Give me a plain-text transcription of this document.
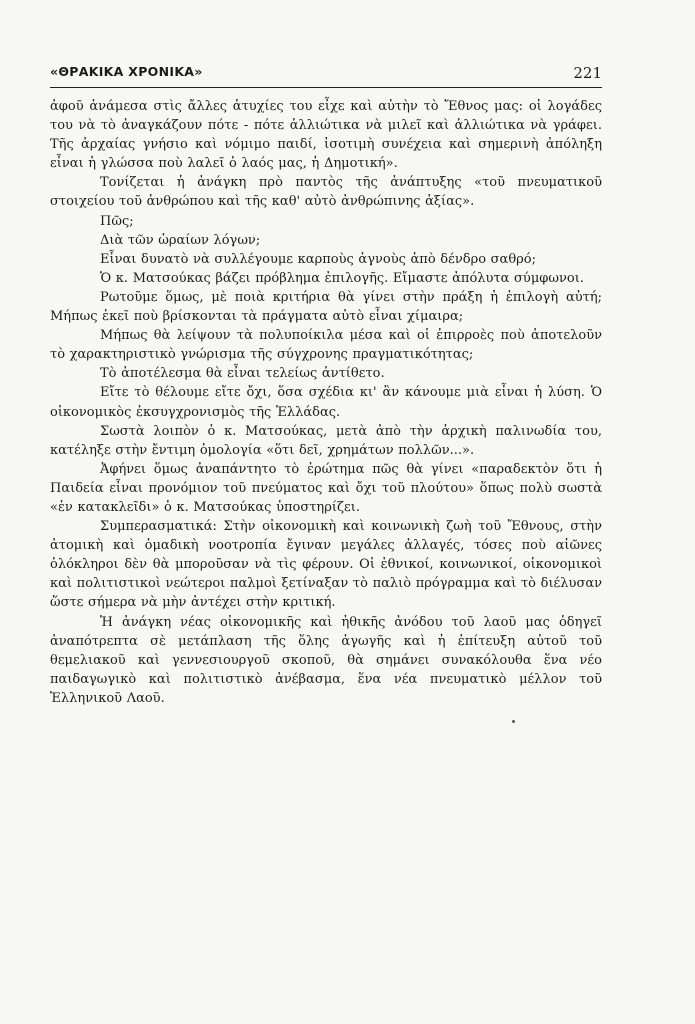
«ΘΡΑΚΙΚΑ ΧΡΟΝΙΚΑ»	221

ἀφοῦ ἀνάμεσα στὶς ἄλλες ἀτυχίες του εἶχε καὶ αὐτὴν τὸ Ἔθνος μας: οἱ λογάδες του νὰ τὸ ἀναγκάζουν πότε - πότε ἀλλιώτικα νὰ μιλεῖ καὶ ἀλλιώτικα νὰ γράφει. Τῆς ἀρχαίας γνήσιο καὶ νόμιμο παιδί, ἰσοτιμὴ συνέχεια καὶ σημερινὴ ἀπόληξη εἶναι ἡ γλώσσα ποὺ λαλεῖ ὁ λαός μας, ἡ Δημοτική».

Τονίζεται ἡ ἀνάγκη πρὸ παντὸς τῆς ἀνάπτυξης «τοῦ πνευματικοῦ στοιχείου τοῦ ἀνθρώπου καὶ τῆς καθ' αὐτὸ ἀνθρώπινης ἀξίας».

Πῶς;

Διὰ τῶν ὡραίων λόγων;

Εἶναι δυνατὸ νὰ συλλέγουμε καρποὺς ἁγνοὺς ἀπὸ δένδρο σαθρό;

Ὁ κ. Ματσούκας βάζει πρόβλημα ἐπιλογῆς. Εἴμαστε ἀπόλυτα σύμφωνοι.

Ρωτοῦμε ὅμως, μὲ ποιὰ κριτήρια θὰ γίνει στὴν πράξη ἡ ἐπιλογὴ αὐτή; Μήπως ἐκεῖ ποὺ βρίσκονται τὰ πράγματα αὐτὸ εἶναι χίμαιρα;

Μήπως θὰ λείψουν τὰ πολυποίκιλα μέσα καὶ οἱ ἐπιρροὲς ποὺ ἀποτελοῦν τὸ χαρακτηριστικὸ γνώρισμα τῆς σύγχρονης πραγματικότητας;

Τὸ ἀποτέλεσμα θὰ εἶναι τελείως ἀντίθετο.

Εἴτε τὸ θέλουμε εἴτε ὄχι, ὅσα σχέδια κι' ἂν κάνουμε μιὰ εἶναι ἡ λύση. Ὁ οἰκονομικὸς ἐκσυγχρονισμὸς τῆς Ἑλλάδας.

Σωστὰ λοιπὸν ὁ κ. Ματσούκας, μετὰ ἀπὸ τὴν ἀρχικὴ παλινωδία του, κατέληξε στὴν ἔντιμη ὁμολογία «ὅτι δεῖ, χρημάτων πολλῶν...».

Ἀφήνει ὅμως ἀναπάντητο τὸ ἐρώτημα πῶς θὰ γίνει «παραδεκτὸν ὅτι ἡ Παιδεία εἶναι προνόμιον τοῦ πνεύματος καὶ ὄχι τοῦ πλούτου» ὅπως πολὺ σωστὰ «ἐν κατακλεῖδι» ὁ κ. Ματσούκας ὑποστηρίζει.

Συμπερασματικά: Στὴν οἰκονομικὴ καὶ κοινωνικὴ ζωὴ τοῦ Ἔθνους, στὴν ἀτομικὴ καὶ ὁμαδικὴ νοοτροπία ἔγιναν μεγάλες ἀλλαγές, τόσες ποὺ αἰῶνες ὁλόκληροι δὲν θὰ μποροῦσαν νὰ τὶς φέρουν. Οἱ ἐθνικοί, κοινωνικοί, οἰκονομικοὶ καὶ πολιτιστικοὶ νεώτεροι παλμοὶ ξετίναξαν τὸ παλιὸ πρόγραμμα καὶ τὸ διέλυσαν ὥστε σήμερα νὰ μὴν ἀντέχει στὴν κριτική.

Ἡ ἀνάγκη νέας οἰκονομικῆς καὶ ἠθικῆς ἀνόδου τοῦ λαοῦ μας ὁδηγεῖ ἀναπότρεπτα σὲ μετάπλαση τῆς ὅλης ἀγωγῆς καὶ ἡ ἐπίτευξη αὐτοῦ τοῦ θεμελιακοῦ καὶ γεννεσιουργοῦ σκοποῦ, θὰ σημάνει συνακόλουθα ἕνα νέο παιδαγωγικὸ καὶ πολιτιστικὸ ἀνέβασμα, ἕνα νέα πνευματικὸ μέλλον τοῦ Ἑλληνικοῦ Λαοῦ.
